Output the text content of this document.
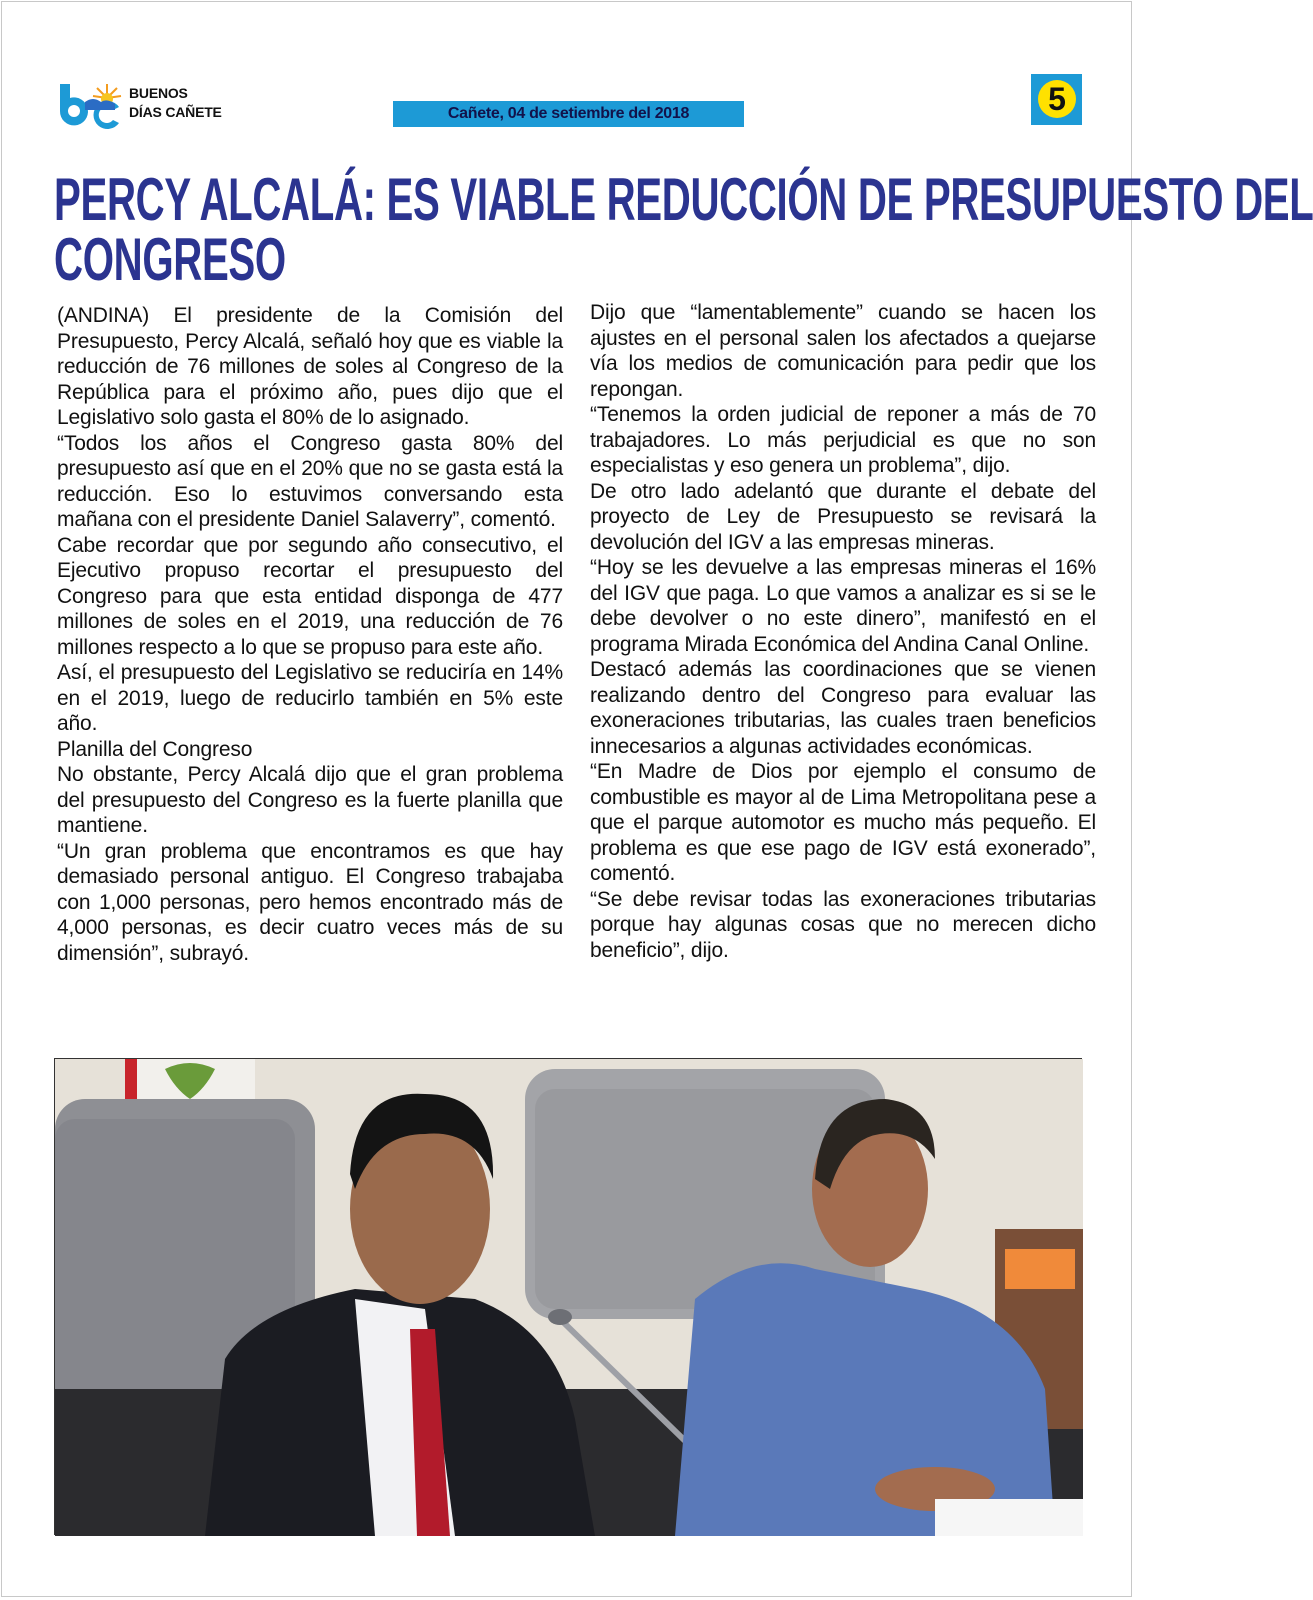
BUENOS
DÍAS CAÑETE	Cañete, 04 de setiembre del 2018	5
PERCY ALCALÁ: ES VIABLE REDUCCIÓN DE PRESUPUESTO DEL
CONGRESO

(ANDINA) El presidente de la Comisión del Presupuesto, Percy Alcalá, señaló hoy que es viable la reducción de 76 millones de soles al Congreso de la República para el próximo año, pues dijo que el Legislativo solo gasta el 80% de lo asignado.

“Todos los años el Congreso gasta 80% del presupuesto así que en el 20% que no se gasta está la reducción. Eso lo estuvimos conversando esta mañana con el presidente Daniel Salaverry”, comentó.

Cabe recordar que por segundo año consecutivo, el Ejecutivo propuso recortar el presupuesto del Congreso para que esta entidad disponga de 477 millones de soles en el 2019, una reducción de 76 millones respecto a lo que se propuso para este año.

Así, el presupuesto del Legislativo se reduciría en 14% en el 2019, luego de reducirlo también en 5% este año.

Planilla del Congreso

No obstante, Percy Alcalá dijo que el gran problema del presupuesto del Congreso es la fuerte planilla que mantiene.

“Un gran problema que encontramos es que hay demasiado personal antiguo. El Congreso trabajaba con 1,000 personas, pero hemos encontrado más de 4,000 personas, es decir cuatro veces más de su dimensión”, subrayó.

Dijo que “lamentablemente” cuando se hacen los ajustes en el personal salen los afectados a quejarse vía los medios de comunicación para pedir que los repongan.

“Tenemos la orden judicial de reponer a más de 70 trabajadores. Lo más perjudicial es que no son especialistas y eso genera un problema”, dijo.

De otro lado adelantó que durante el debate del proyecto de Ley de Presupuesto se revisará la devolución del IGV a las empresas mineras.

“Hoy se les devuelve a las empresas mineras el 16% del IGV que paga. Lo que vamos a analizar es si se le debe devolver o no este dinero”, manifestó en el programa Mirada Económica del Andina Canal Online.

Destacó además las coordinaciones que se vienen realizando dentro del Congreso para evaluar las exoneraciones tributarias, las cuales traen beneficios innecesarios a algunas actividades económicas.

“En Madre de Dios por ejemplo el consumo de combustible es mayor al de Lima Metropolitana pese a que el parque automotor es mucho más pequeño. El problema es que ese pago de IGV está exonerado”, comentó.

“Se debe revisar todas las exoneraciones tributarias porque hay algunas cosas que no merecen dicho beneficio”, dijo.
